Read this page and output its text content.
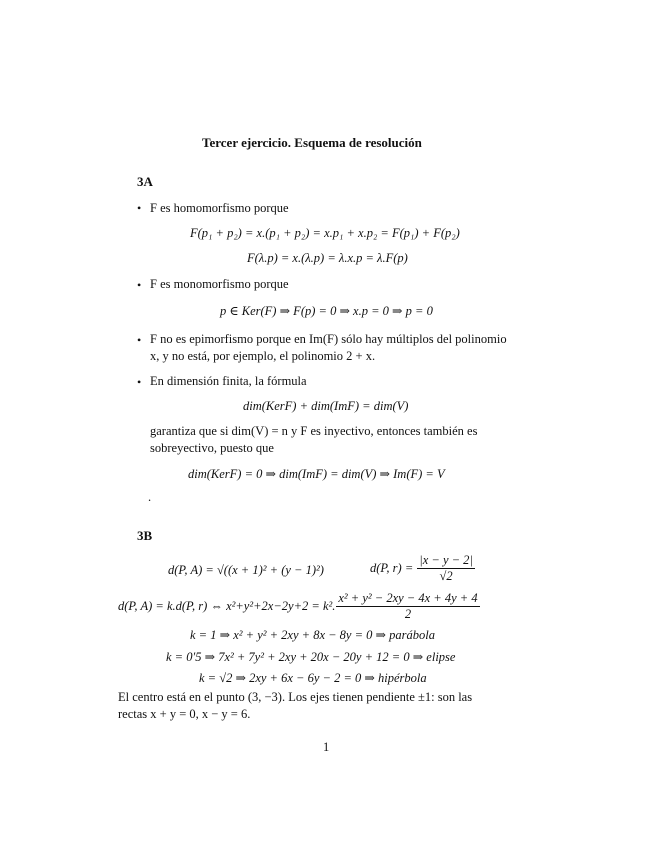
Tercer ejercicio. Esquema de resolución
3A
• F es homomorfismo porque
F(p₁ + p₂) = x.(p₁ + p₂) = x.p₁ + x.p₂ = F(p₁) + F(p₂)
F(λ.p) = x.(λ.p) = λ.x.p = λ.F(p)
• F es monomorfismo porque
p ∈ Ker(F) ⇒ F(p) = 0 ⇒ x.p = 0 ⇒ p = 0
• F no es epimorfismo porque en Im(F) sólo hay múltiplos del polinomio
x, y no está, por ejemplo, el polinomio 2 + x.
• En dimensión finita, la fórmula
dim(KerF) + dim(ImF) = dim(V)
garantiza que si dim(V) = n y F es inyectivo, entonces también es
sobreyectivo, puesto que
dim(KerF) = 0 ⇒ dim(ImF) = dim(V) ⇒ Im(F) = V
.
3B
d(P, A) = √((x + 1)² + (y − 1)²)	d(P, $r) = \frac{|x - y - 2|}{√2}$
d(P, A) = k.d(P, r) ⇔ x²+y²+2x−2y+2 = k². $\frac{\text{x² + y² − 2xy − 4x + 4y + 4}}{2}$
k = 1 ⇒ x² + y² + 2xy + 8x − 8y = 0 ⇒ parábola
k = 0′5 ⇒ 7x² + 7y² + 2xy + 20x − 20y + 12 = 0 ⇒ elipse
k = √2 ⇒ 2xy + 6x − 6y − 2 = 0 ⇒ hipérbola
El centro está en el punto (3, −3). Los ejes tienen pendiente ±1: son las
rectas x + y = 0, x − y = 6.
1
